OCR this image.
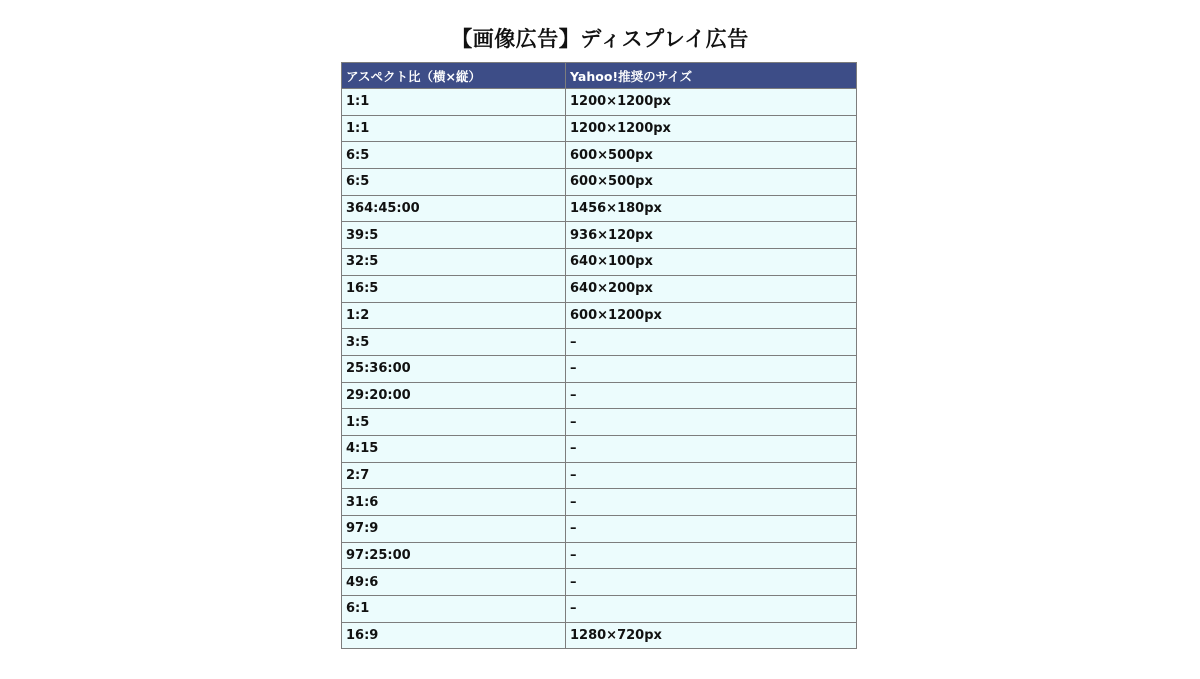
【画像広告】ディスプレイ広告
アスペクト比（横×縦）	Yahoo!推奨のサイズ
1:1	1200×1200px
1:1	1200×1200px
6:5	600×500px
6:5	600×500px
364:45:00	1456×180px
39:5	936×120px
32:5	640×100px
16:5	640×200px
1:2	600×1200px
3:5	–
25:36:00	–
29:20:00	–
1:5	–
4:15	–
2:7	–
31:6	–
97:9	–
97:25:00	–
49:6	–
6:1	–
16:9	1280×720px
